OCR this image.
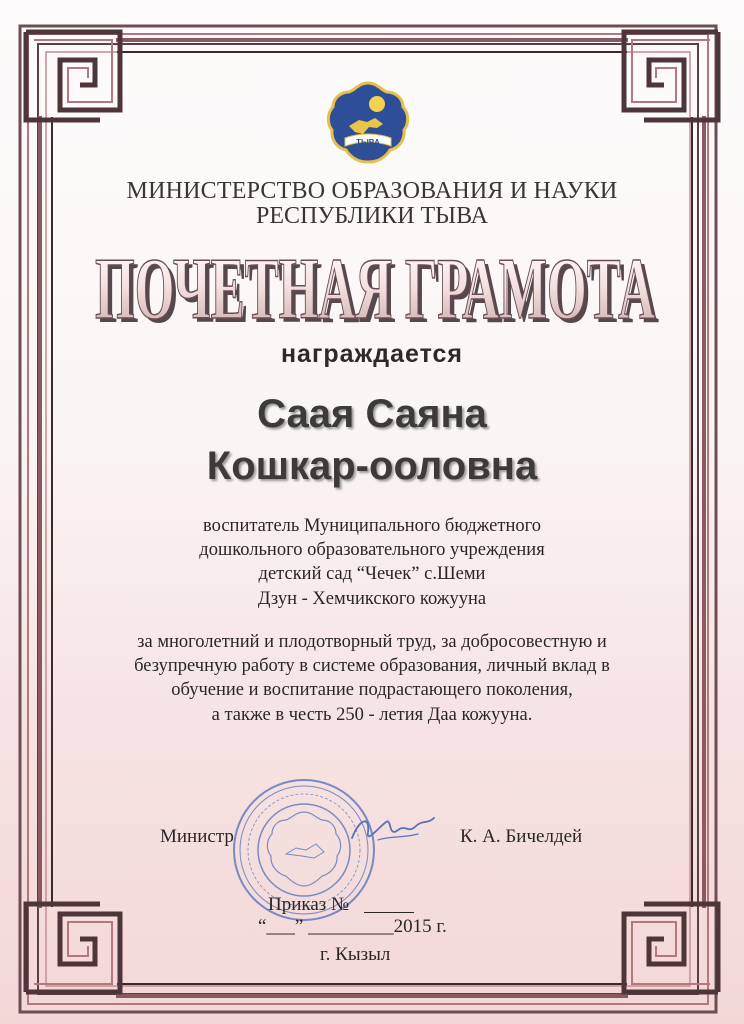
ТЫВА
МИНИСТЕРСТВО ОБРАЗОВАНИЯ И НАУКИ
РЕСПУБЛИКИ ТЫВА
ПОЧЕТНАЯ ГРАМОТА
ПОЧЕТНАЯ ГРАМОТА
награждается
Саая Саяна
Кошкар-ооловна
воспитатель Муниципального бюджетного
дошкольного образовательного учреждения
детский сад “Чечек” с.Шеми
Дзун - Хемчикского кожууна
за многолетний и плодотворный труд, за добросовестную и
безупречную работу в системе образования, личный вклад в
обучение и воспитание подрастающего поколения,
а также в честь 250 - летия Даа кожууна.
Министр	К. А. Бичелдей
Приказ №
“___” _________2015 г.
г. Кызыл
